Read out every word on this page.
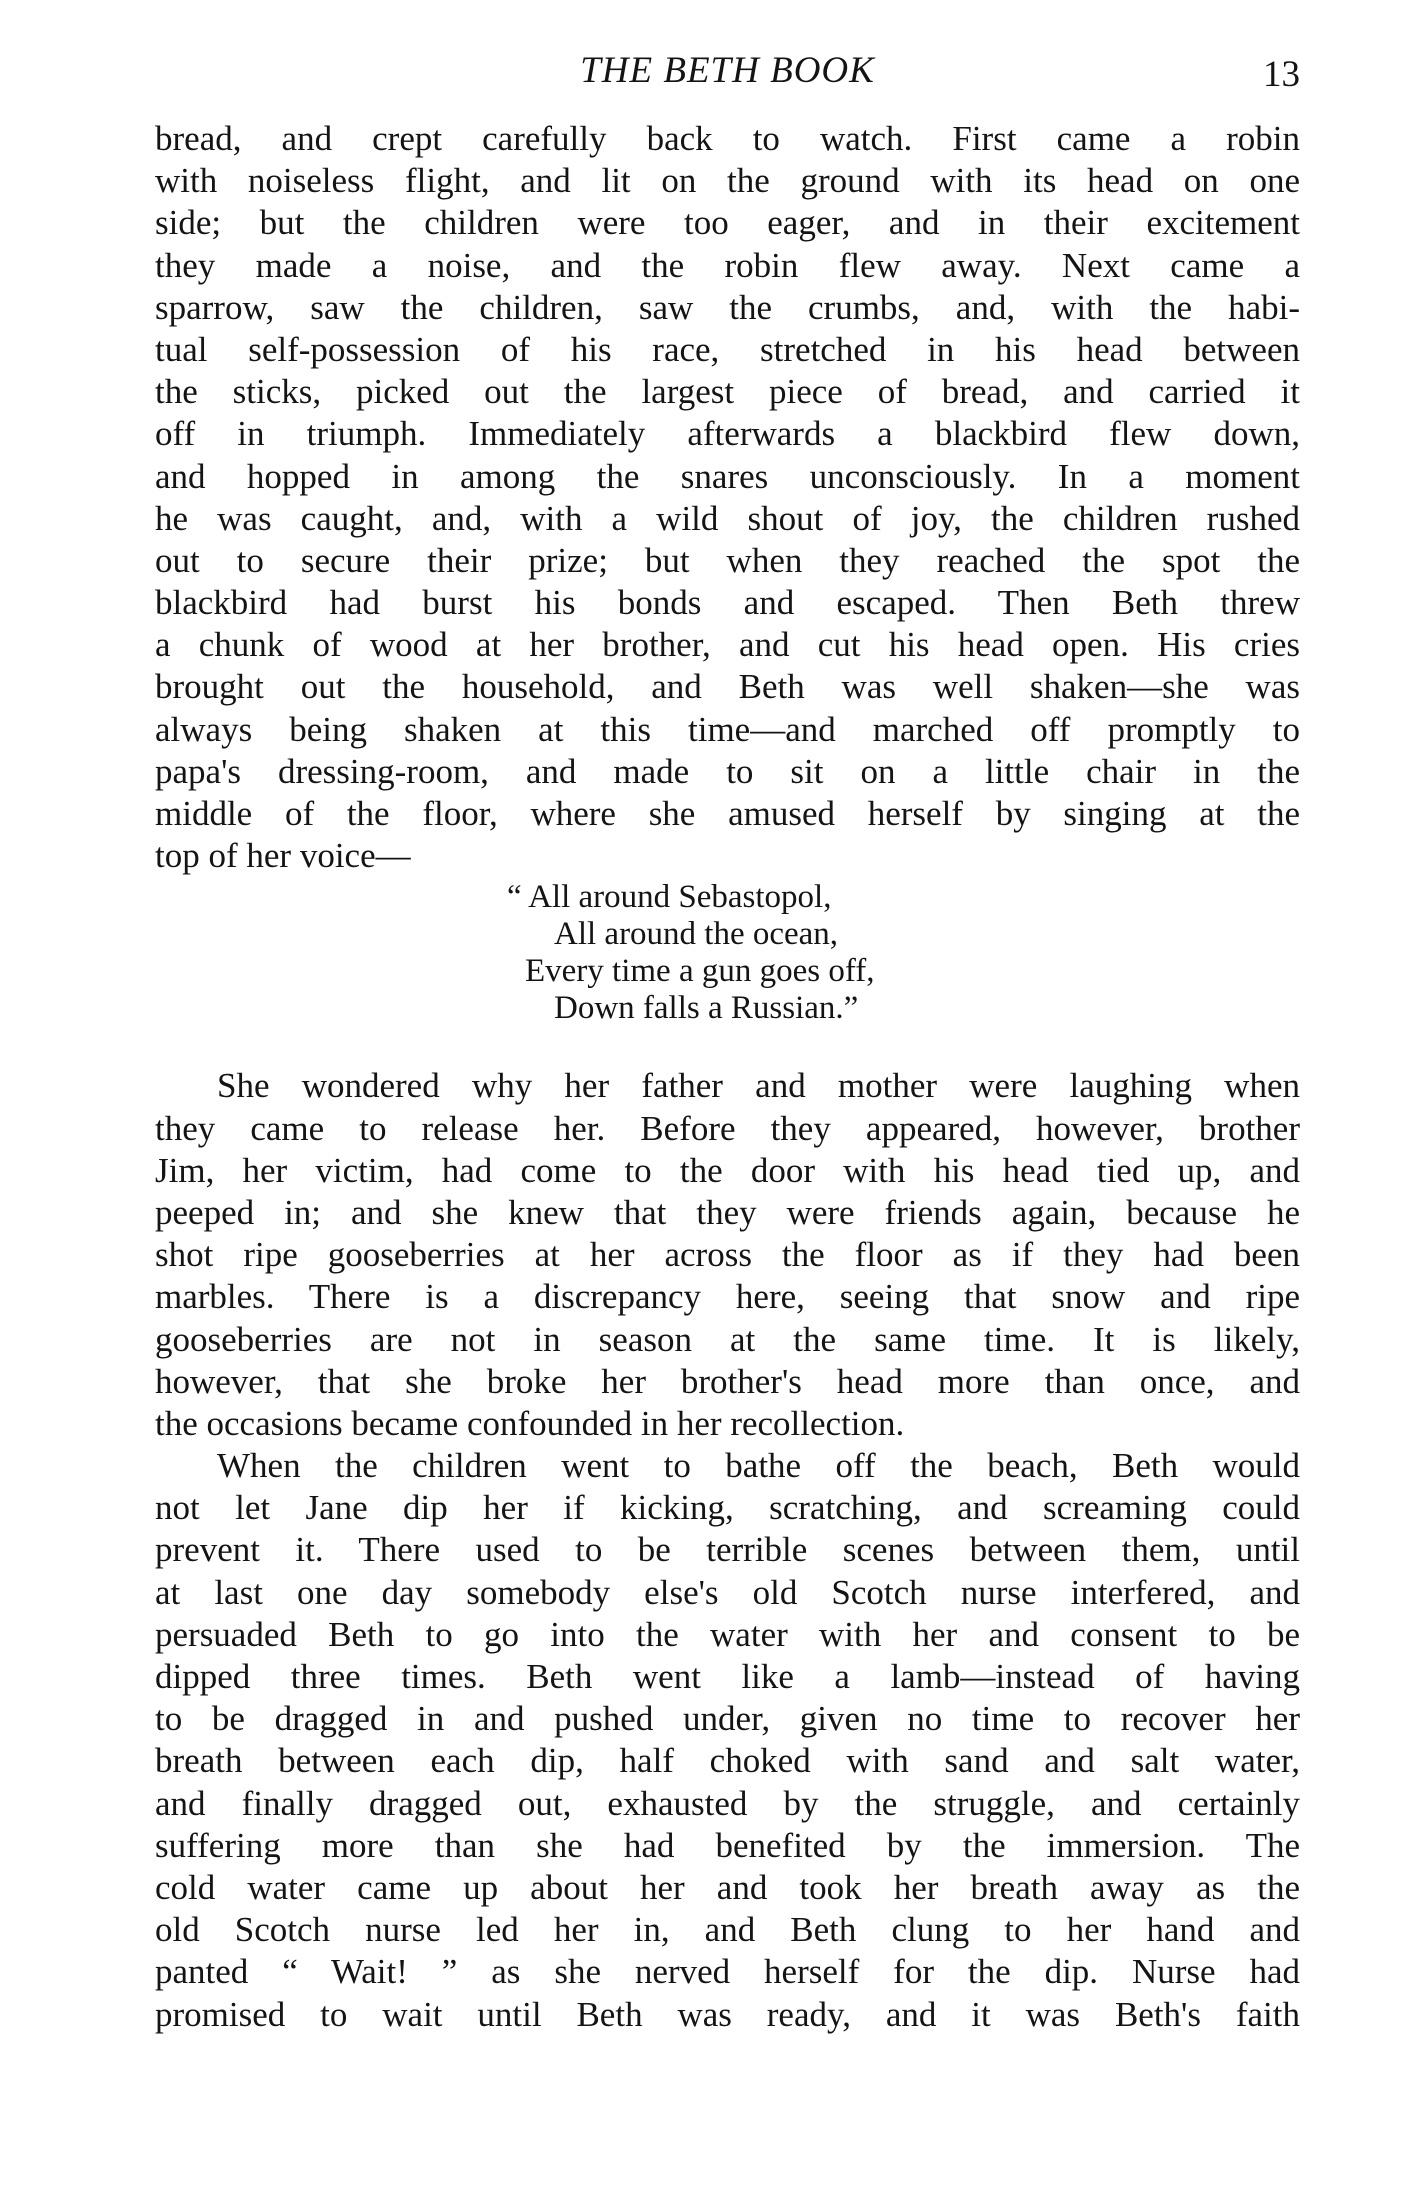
THE BETH BOOK	13
bread, and crept carefully back to watch. First came a robin
with noiseless flight, and lit on the ground with its head on one
side; but the children were too eager, and in their excitement
they made a noise, and the robin flew away. Next came a
sparrow, saw the children, saw the crumbs, and, with the habi-
tual self-possession of his race, stretched in his head between
the sticks, picked out the largest piece of bread, and carried it
off in triumph. Immediately afterwards a blackbird flew down,
and hopped in among the snares unconsciously. In a moment
he was caught, and, with a wild shout of joy, the children rushed
out to secure their prize; but when they reached the spot the
blackbird had burst his bonds and escaped. Then Beth threw
a chunk of wood at her brother, and cut his head open. His cries
brought out the household, and Beth was well shaken—she was
always being shaken at this time—and marched off promptly to
papa's dressing-room, and made to sit on a little chair in the
middle of the floor, where she amused herself by singing at the
top of her voice—
“ All around Sebastopol,
All around the ocean,
Every time a gun goes off,
Down falls a Russian.”
She wondered why her father and mother were laughing when
they came to release her. Before they appeared, however, brother
Jim, her victim, had come to the door with his head tied up, and
peeped in; and she knew that they were friends again, because he
shot ripe gooseberries at her across the floor as if they had been
marbles. There is a discrepancy here, seeing that snow and ripe
gooseberries are not in season at the same time. It is likely,
however, that she broke her brother's head more than once, and
the occasions became confounded in her recollection.
When the children went to bathe off the beach, Beth would
not let Jane dip her if kicking, scratching, and screaming could
prevent it. There used to be terrible scenes between them, until
at last one day somebody else's old Scotch nurse interfered, and
persuaded Beth to go into the water with her and consent to be
dipped three times. Beth went like a lamb—instead of having
to be dragged in and pushed under, given no time to recover her
breath between each dip, half choked with sand and salt water,
and finally dragged out, exhausted by the struggle, and certainly
suffering more than she had benefited by the immersion. The
cold water came up about her and took her breath away as the
old Scotch nurse led her in, and Beth clung to her hand and
panted “ Wait! ” as she nerved herself for the dip. Nurse had
promised to wait until Beth was ready, and it was Beth's faith
